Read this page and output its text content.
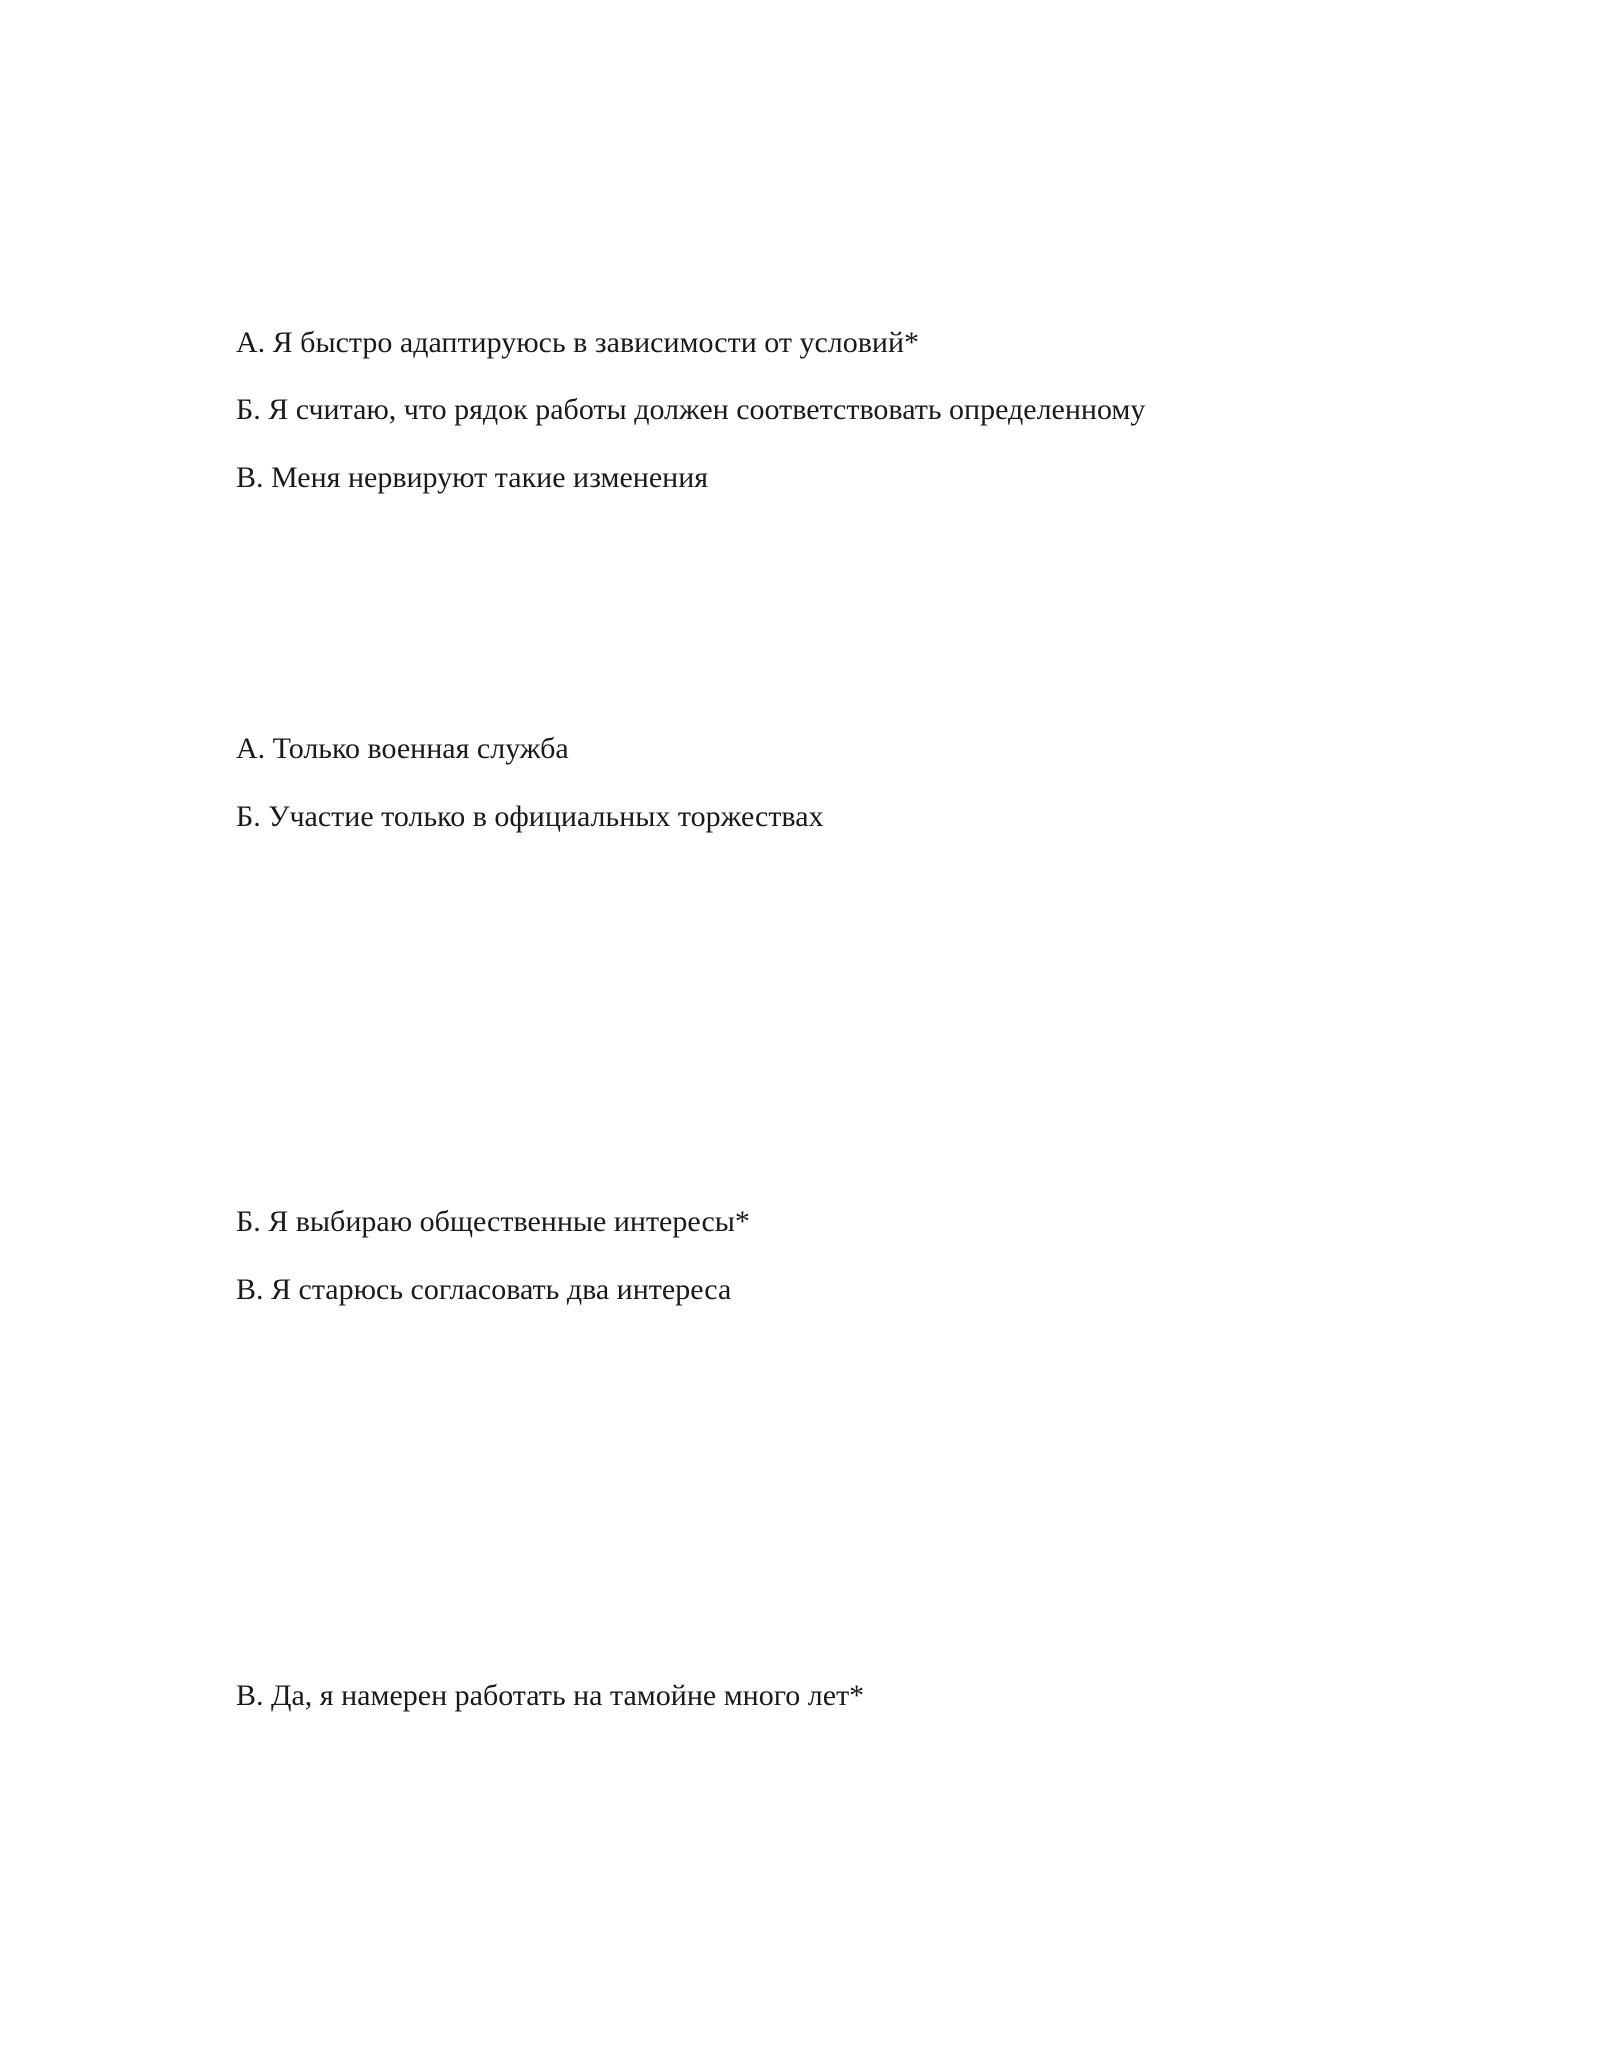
А. Я быстро адаптируюсь в зависимости от условий*

Б. Я считаю, что рядок работы должен соответствовать определенному

В. Меня нервируют такие изменения

А. Только военная служба

Б. Участие только в официальных торжествах

Б. Я выбираю общественные интересы*

В. Я старюсь согласовать два интереса

В. Да, я намерен работать на тамойне много лет*
